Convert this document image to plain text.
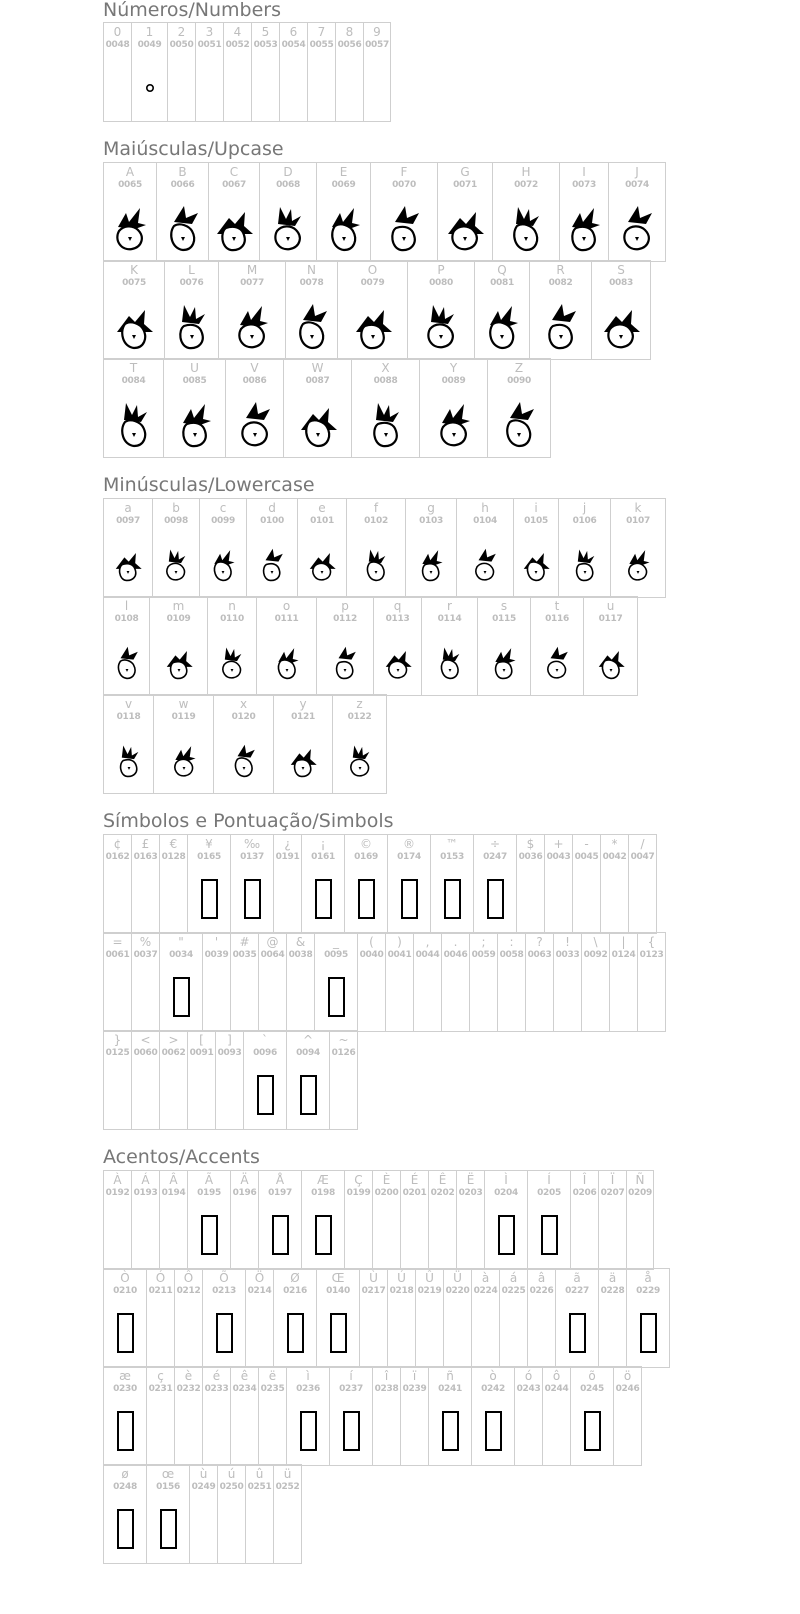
Números/Numbers
Maiúsculas/Upcase
Minúsculas/Lowercase
Símbolos e Pontuação/Simbols
Acentos/Accents
0
0048
1
0049
2
0050
3
0051
4
0052
5
0053
6
0054
7
0055
8
0056
9
0057
A
0065
B
0066
C
0067
D
0068
E
0069
F
0070
G
0071
H
0072
I
0073
J
0074
K
0075
L
0076
M
0077
N
0078
O
0079
P
0080
Q
0081
R
0082
S
0083
T
0084
U
0085
V
0086
W
0087
X
0088
Y
0089
Z
0090
a
0097
b
0098
c
0099
d
0100
e
0101
f
0102
g
0103
h
0104
i
0105
j
0106
k
0107
l
0108
m
0109
n
0110
o
0111
p
0112
q
0113
r
0114
s
0115
t
0116
u
0117
v
0118
w
0119
x
0120
y
0121
z
0122
¢
0162
£
0163
€
0128
¥
0165
‰
0137
¿
0191
¡
0161
©
0169
®
0174
™
0153
÷
0247
$
0036
+
0043
-
0045
*
0042
/
0047
=
0061
%
0037
"
0034
'
0039
#
0035
@
0064
&
0038
_
0095
(
0040
)
0041
,
0044
.
0046
;
0059
:
0058
?
0063
!
0033
\
0092
|
0124
{
0123
}
0125
<
0060
>
0062
[
0091
]
0093
`
0096
^
0094
~
0126
À
0192
Á
0193
Â
0194
Ã
0195
Ä
0196
Å
0197
Æ
0198
Ç
0199
È
0200
É
0201
Ê
0202
Ë
0203
Ì
0204
Í
0205
Î
0206
Ï
0207
Ñ
0209
Ò
0210
Ó
0211
Ô
0212
Õ
0213
Ö
0214
Ø
0216
Œ
0140
Ù
0217
Ú
0218
Û
0219
Ü
0220
à
0224
á
0225
â
0226
ã
0227
ä
0228
å
0229
æ
0230
ç
0231
è
0232
é
0233
ê
0234
ë
0235
ì
0236
í
0237
î
0238
ï
0239
ñ
0241
ò
0242
ó
0243
ô
0244
õ
0245
ö
0246
ø
0248
œ
0156
ù
0249
ú
0250
û
0251
ü
0252
